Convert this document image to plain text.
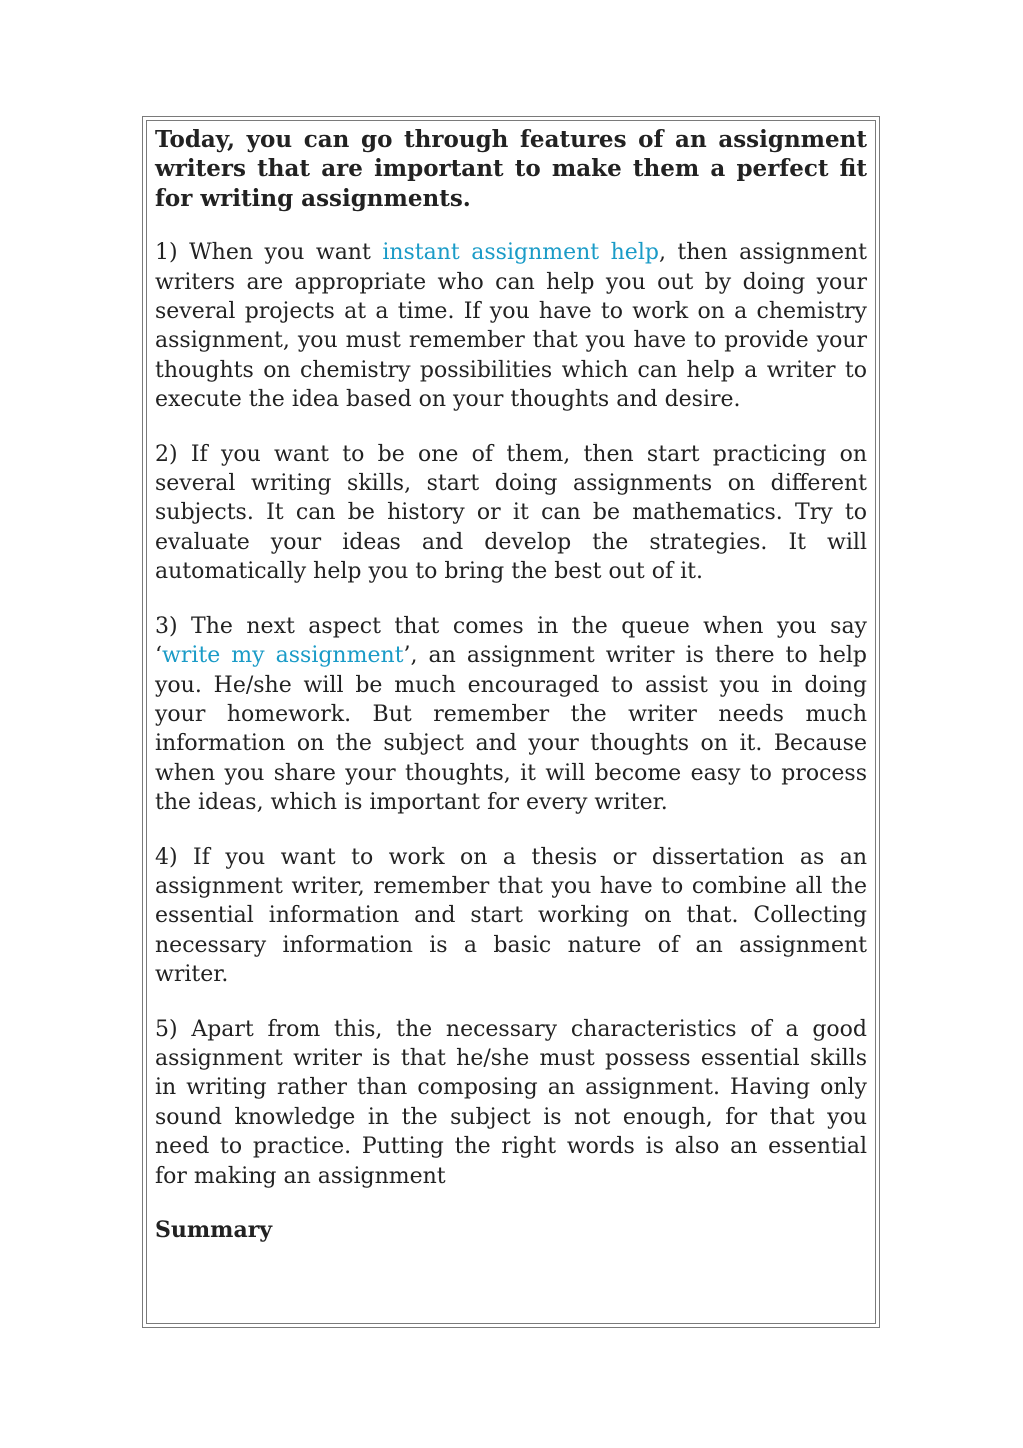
Today, you can go through features of an assignment writers that are important to make them a perfect fit for writing assignments.

1) When you want instant assignment help, then assignment writers are appropriate who can help you out by doing your several projects at a time. If you have to work on a chemistry assignment, you must remember that you have to provide your thoughts on chemistry possibilities which can help a writer to execute the idea based on your thoughts and desire.

2) If you want to be one of them, then start practicing on several writing skills, start doing assignments on different subjects. It can be history or it can be mathematics. Try to evaluate your ideas and develop the strategies. It will automatically help you to bring the best out of it.

3) The next aspect that comes in the queue when you say ‘write my assignment’, an assignment writer is there to help you. He/she will be much encouraged to assist you in doing your homework. But remember the writer needs much information on the subject and your thoughts on it. Because when you share your thoughts, it will become easy to process the ideas, which is important for every writer.

4) If you want to work on a thesis or dissertation as an assignment writer, remember that you have to combine all the essential information and start working on that. Collecting necessary information is a basic nature of an assignment writer.

5) Apart from this, the necessary characteristics of a good assignment writer is that he/she must possess essential skills in writing rather than composing an assignment. Having only sound knowledge in the subject is not enough, for that you need to practice. Putting the right words is also an essential for making an assignment

Summary
